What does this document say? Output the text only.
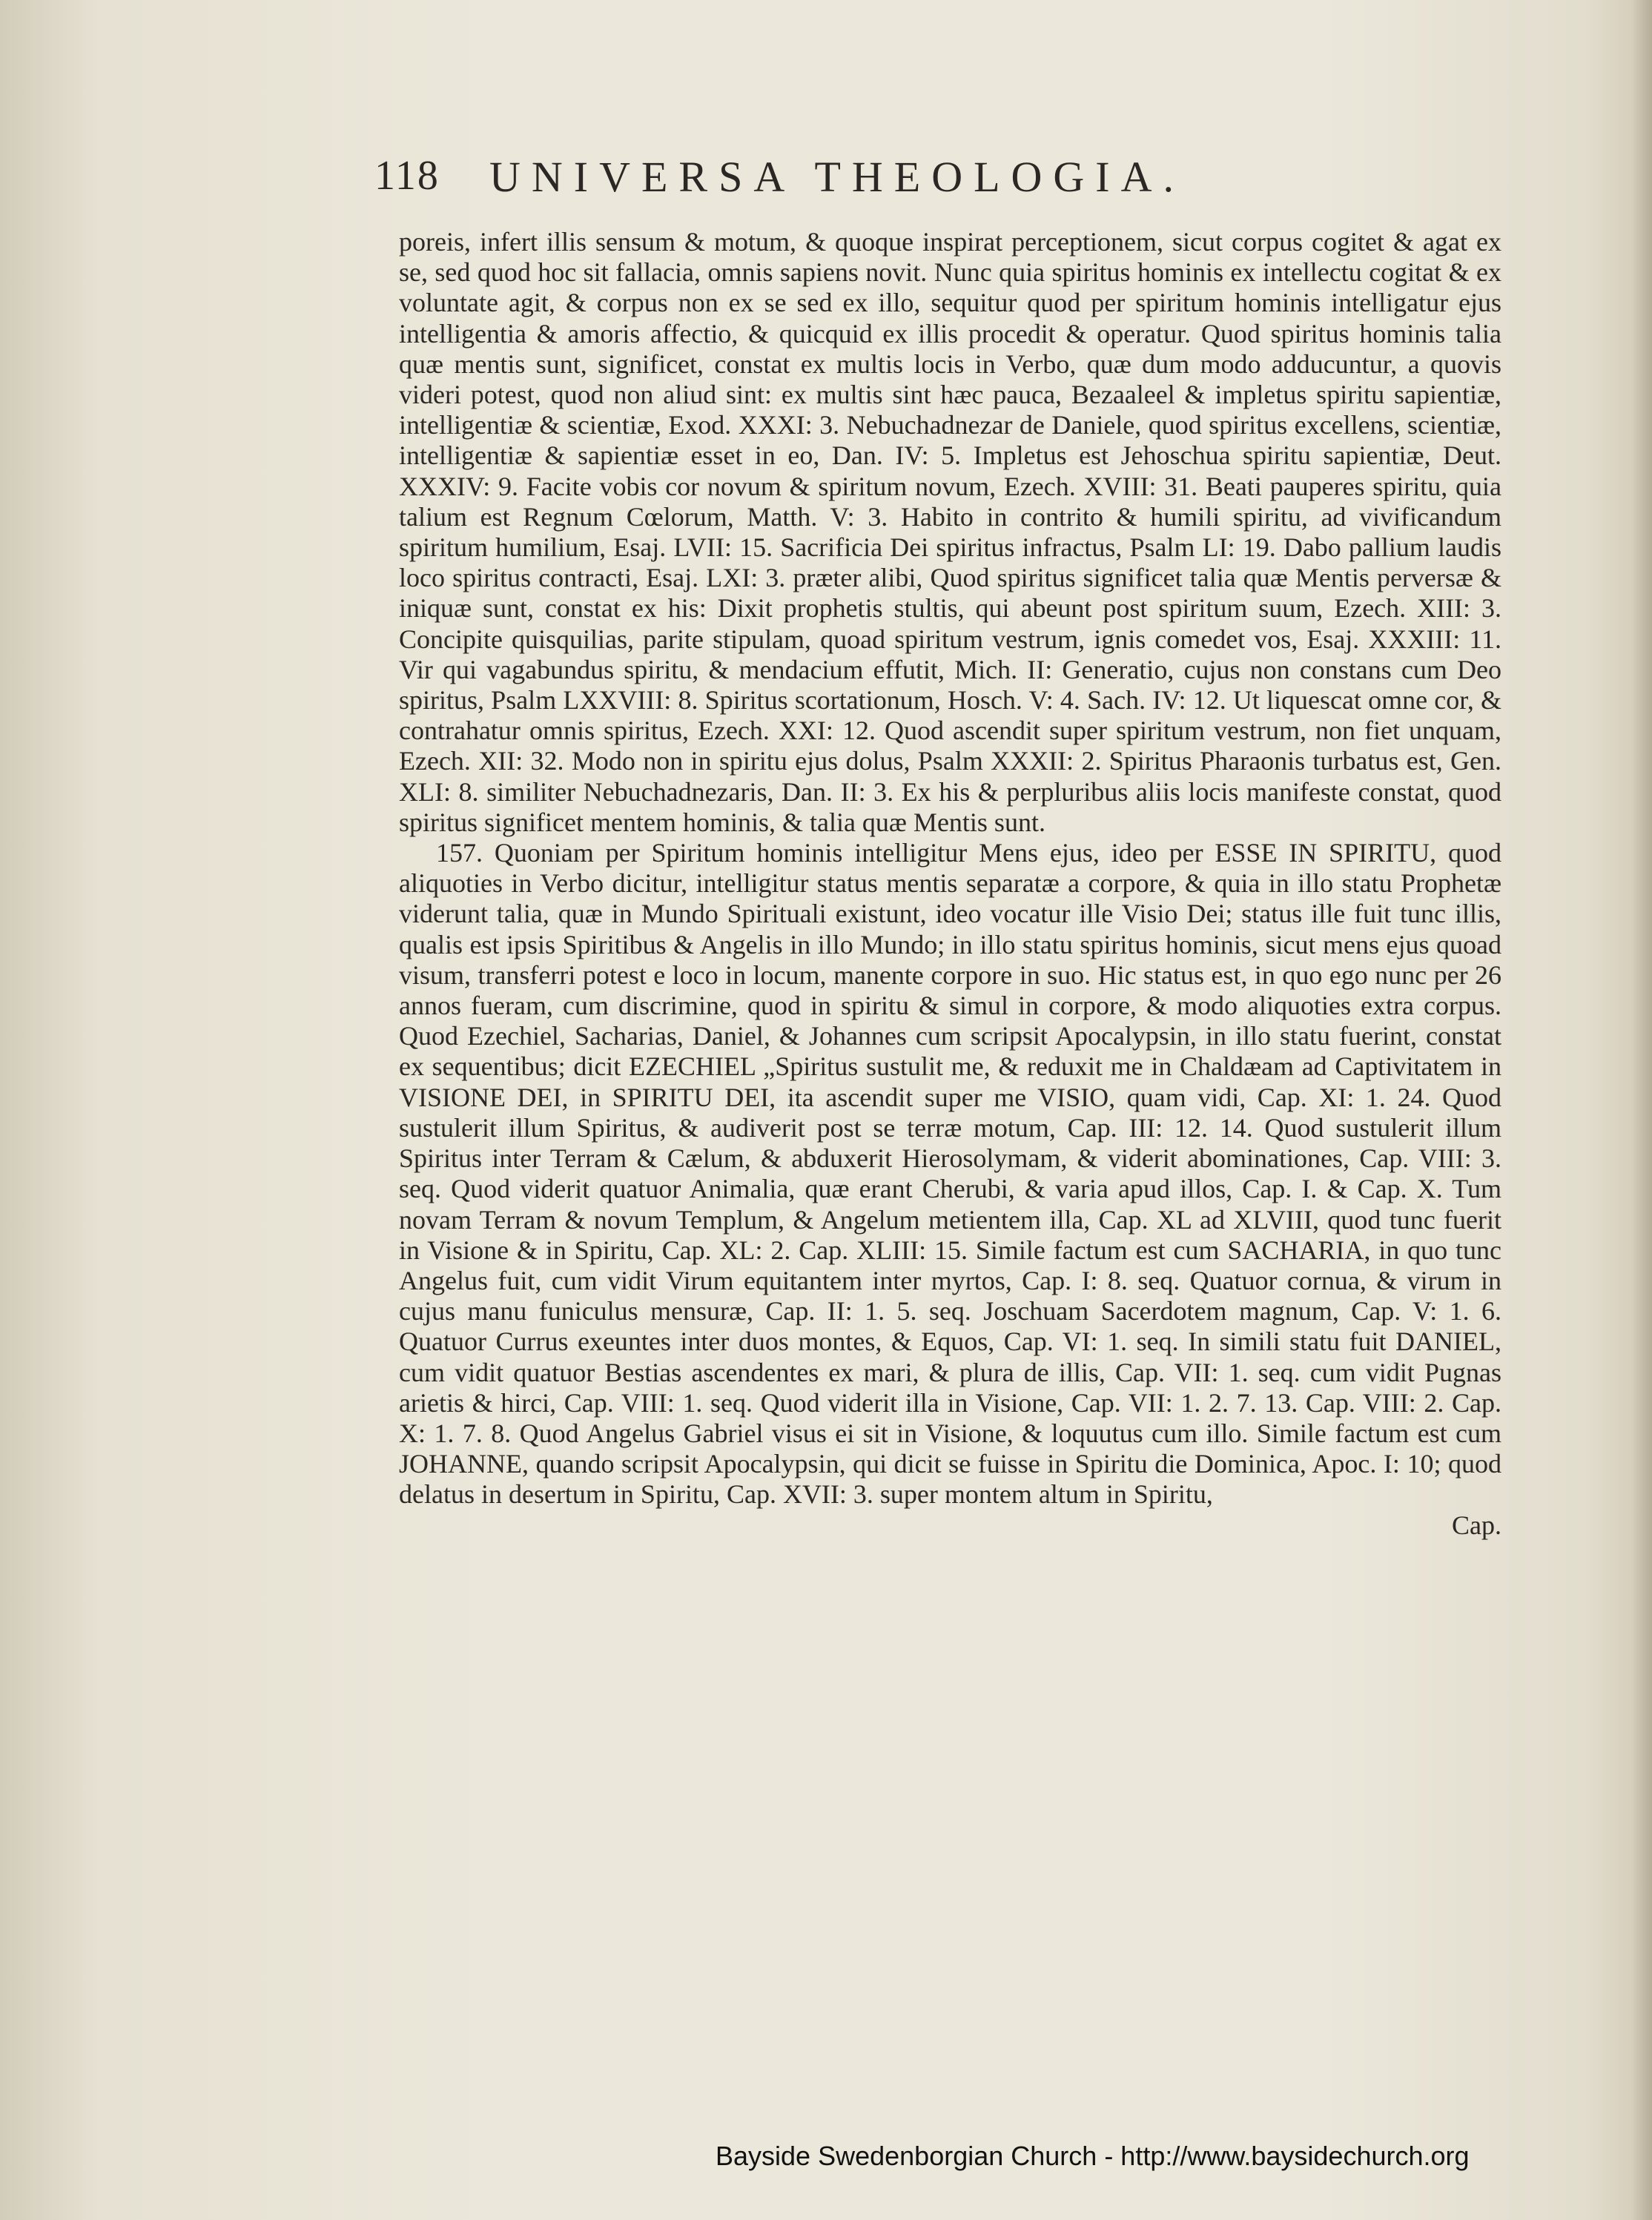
118 UNIVERSA THEOLOGIA.

poreis, infert illis sensum & motum, & quoque inspirat perceptionem, sicut corpus cogitet & agat ex se, sed quod hoc sit fallacia, omnis sapiens novit. Nunc quia spiritus hominis ex intellectu cogitat & ex voluntate agit, & corpus non ex se sed ex illo, sequitur quod per spiritum hominis intelligatur ejus intelligentia & amoris affectio, & quicquid ex illis procedit & operatur. Quod spiritus hominis talia quæ mentis sunt, significet, constat ex multis locis in Verbo, quæ dum modo adducuntur, a quovis videri potest, quod non aliud sint: ex multis sint hæc pauca, Bezaaleel & impletus spiritu sapientiæ, intelligentiæ & scientiæ, Exod. XXXI: 3. Nebuchadnezar de Daniele, quod spiritus excellens, scientiæ, intelligentiæ & sapientiæ esset in eo, Dan. IV: 5. Impletus est Jehoschua spiritu sapientiæ, Deut. XXXIV: 9. Facite vobis cor novum & spiritum novum, Ezech. XVIII: 31. Beati pauperes spiritu, quia talium est Regnum Cœlorum, Matth. V: 3. Habito in contrito & humili spiritu, ad vivificandum spiritum humilium, Esaj. LVII: 15. Sacrificia Dei spiritus infractus, Psalm LI: 19. Dabo pallium laudis loco spiritus contracti, Esaj. LXI: 3. præter alibi, Quod spiritus significet talia quæ Mentis perversæ & iniquæ sunt, constat ex his: Dixit prophetis stultis, qui abeunt post spiritum suum, Ezech. XIII: 3. Concipite quisquilias, parite stipulam, quoad spiritum vestrum, ignis comedet vos, Esaj. XXXIII: 11. Vir qui vagabundus spiritu, & mendacium effutit, Mich. II: Generatio, cujus non constans cum Deo spiritus, Psalm LXXVIII: 8. Spiritus scortationum, Hosch. V: 4. Sach. IV: 12. Ut liquescat omne cor, & contrahatur omnis spiritus, Ezech. XXI: 12. Quod ascendit super spiritum vestrum, non fiet unquam, Ezech. XII: 32. Modo non in spiritu ejus dolus, Psalm XXXII: 2. Spiritus Pharaonis turbatus est, Gen. XLI: 8. similiter Nebuchadnezaris, Dan. II: 3. Ex his & perpluribus aliis locis manifeste constat, quod spiritus significet mentem hominis, & talia quæ Mentis sunt.

157. Quoniam per Spiritum hominis intelligitur Mens ejus, ideo per ESSE IN SPIRITU, quod aliquoties in Verbo dicitur, intelligitur status mentis separatæ a corpore, & quia in illo statu Prophetæ viderunt talia, quæ in Mundo Spirituali existunt, ideo vocatur ille Visio Dei; status ille fuit tunc illis, qualis est ipsis Spiritibus & Angelis in illo Mundo; in illo statu spiritus hominis, sicut mens ejus quoad visum, transferri potest e loco in locum, manente corpore in suo. Hic status est, in quo ego nunc per 26 annos fueram, cum discrimine, quod in spiritu & simul in corpore, & modo aliquoties extra corpus. Quod Ezechiel, Sacharias, Daniel, & Johannes cum scripsit Apocalypsin, in illo statu fuerint, constat ex sequentibus; dicit EZECHIEL „Spiritus sustulit me, & reduxit me in Chaldæam ad Captivitatem in VISIONE DEI, in SPIRITU DEI, ita ascendit super me VISIO, quam vidi, Cap. XI: 1. 24. Quod sustulerit illum Spiritus, & audiverit post se terræ motum, Cap. III: 12. 14. Quod sustulerit illum Spiritus inter Terram & Cælum, & abduxerit Hierosolymam, & viderit abominationes, Cap. VIII: 3. seq. Quod viderit quatuor Animalia, quæ erant Cherubi, & varia apud illos, Cap. I. & Cap. X. Tum novam Terram & novum Templum, & Angelum metientem illa, Cap. XL ad XLVIII, quod tunc fuerit in Visione & in Spiritu, Cap. XL: 2. Cap. XLIII: 15. Simile factum est cum SACHARIA, in quo tunc Angelus fuit, cum vidit Virum equitantem inter myrtos, Cap. I: 8. seq. Quatuor cornua, & virum in cujus manu funiculus mensuræ, Cap. II: 1. 5. seq. Joschuam Sacerdotem magnum, Cap. V: 1. 6. Quatuor Currus exeuntes inter duos montes, & Equos, Cap. VI: 1. seq. In simili statu fuit DANIEL, cum vidit quatuor Bestias ascendentes ex mari, & plura de illis, Cap. VII: 1. seq. cum vidit Pugnas arietis & hirci, Cap. VIII: 1. seq. Quod viderit illa in Visione, Cap. VII: 1. 2. 7. 13. Cap. VIII: 2. Cap. X: 1. 7. 8. Quod Angelus Gabriel visus ei sit in Visione, & loquutus cum illo. Simile factum est cum JOHANNE, quando scripsit Apocalypsin, qui dicit se fuisse in Spiritu die Dominica, Apoc. I: 10; quod delatus in desertum in Spiritu, Cap. XVII: 3. super montem altum in Spiritu,

Cap.
Bayside Swedenborgian Church - http://www.baysidechurch.org
